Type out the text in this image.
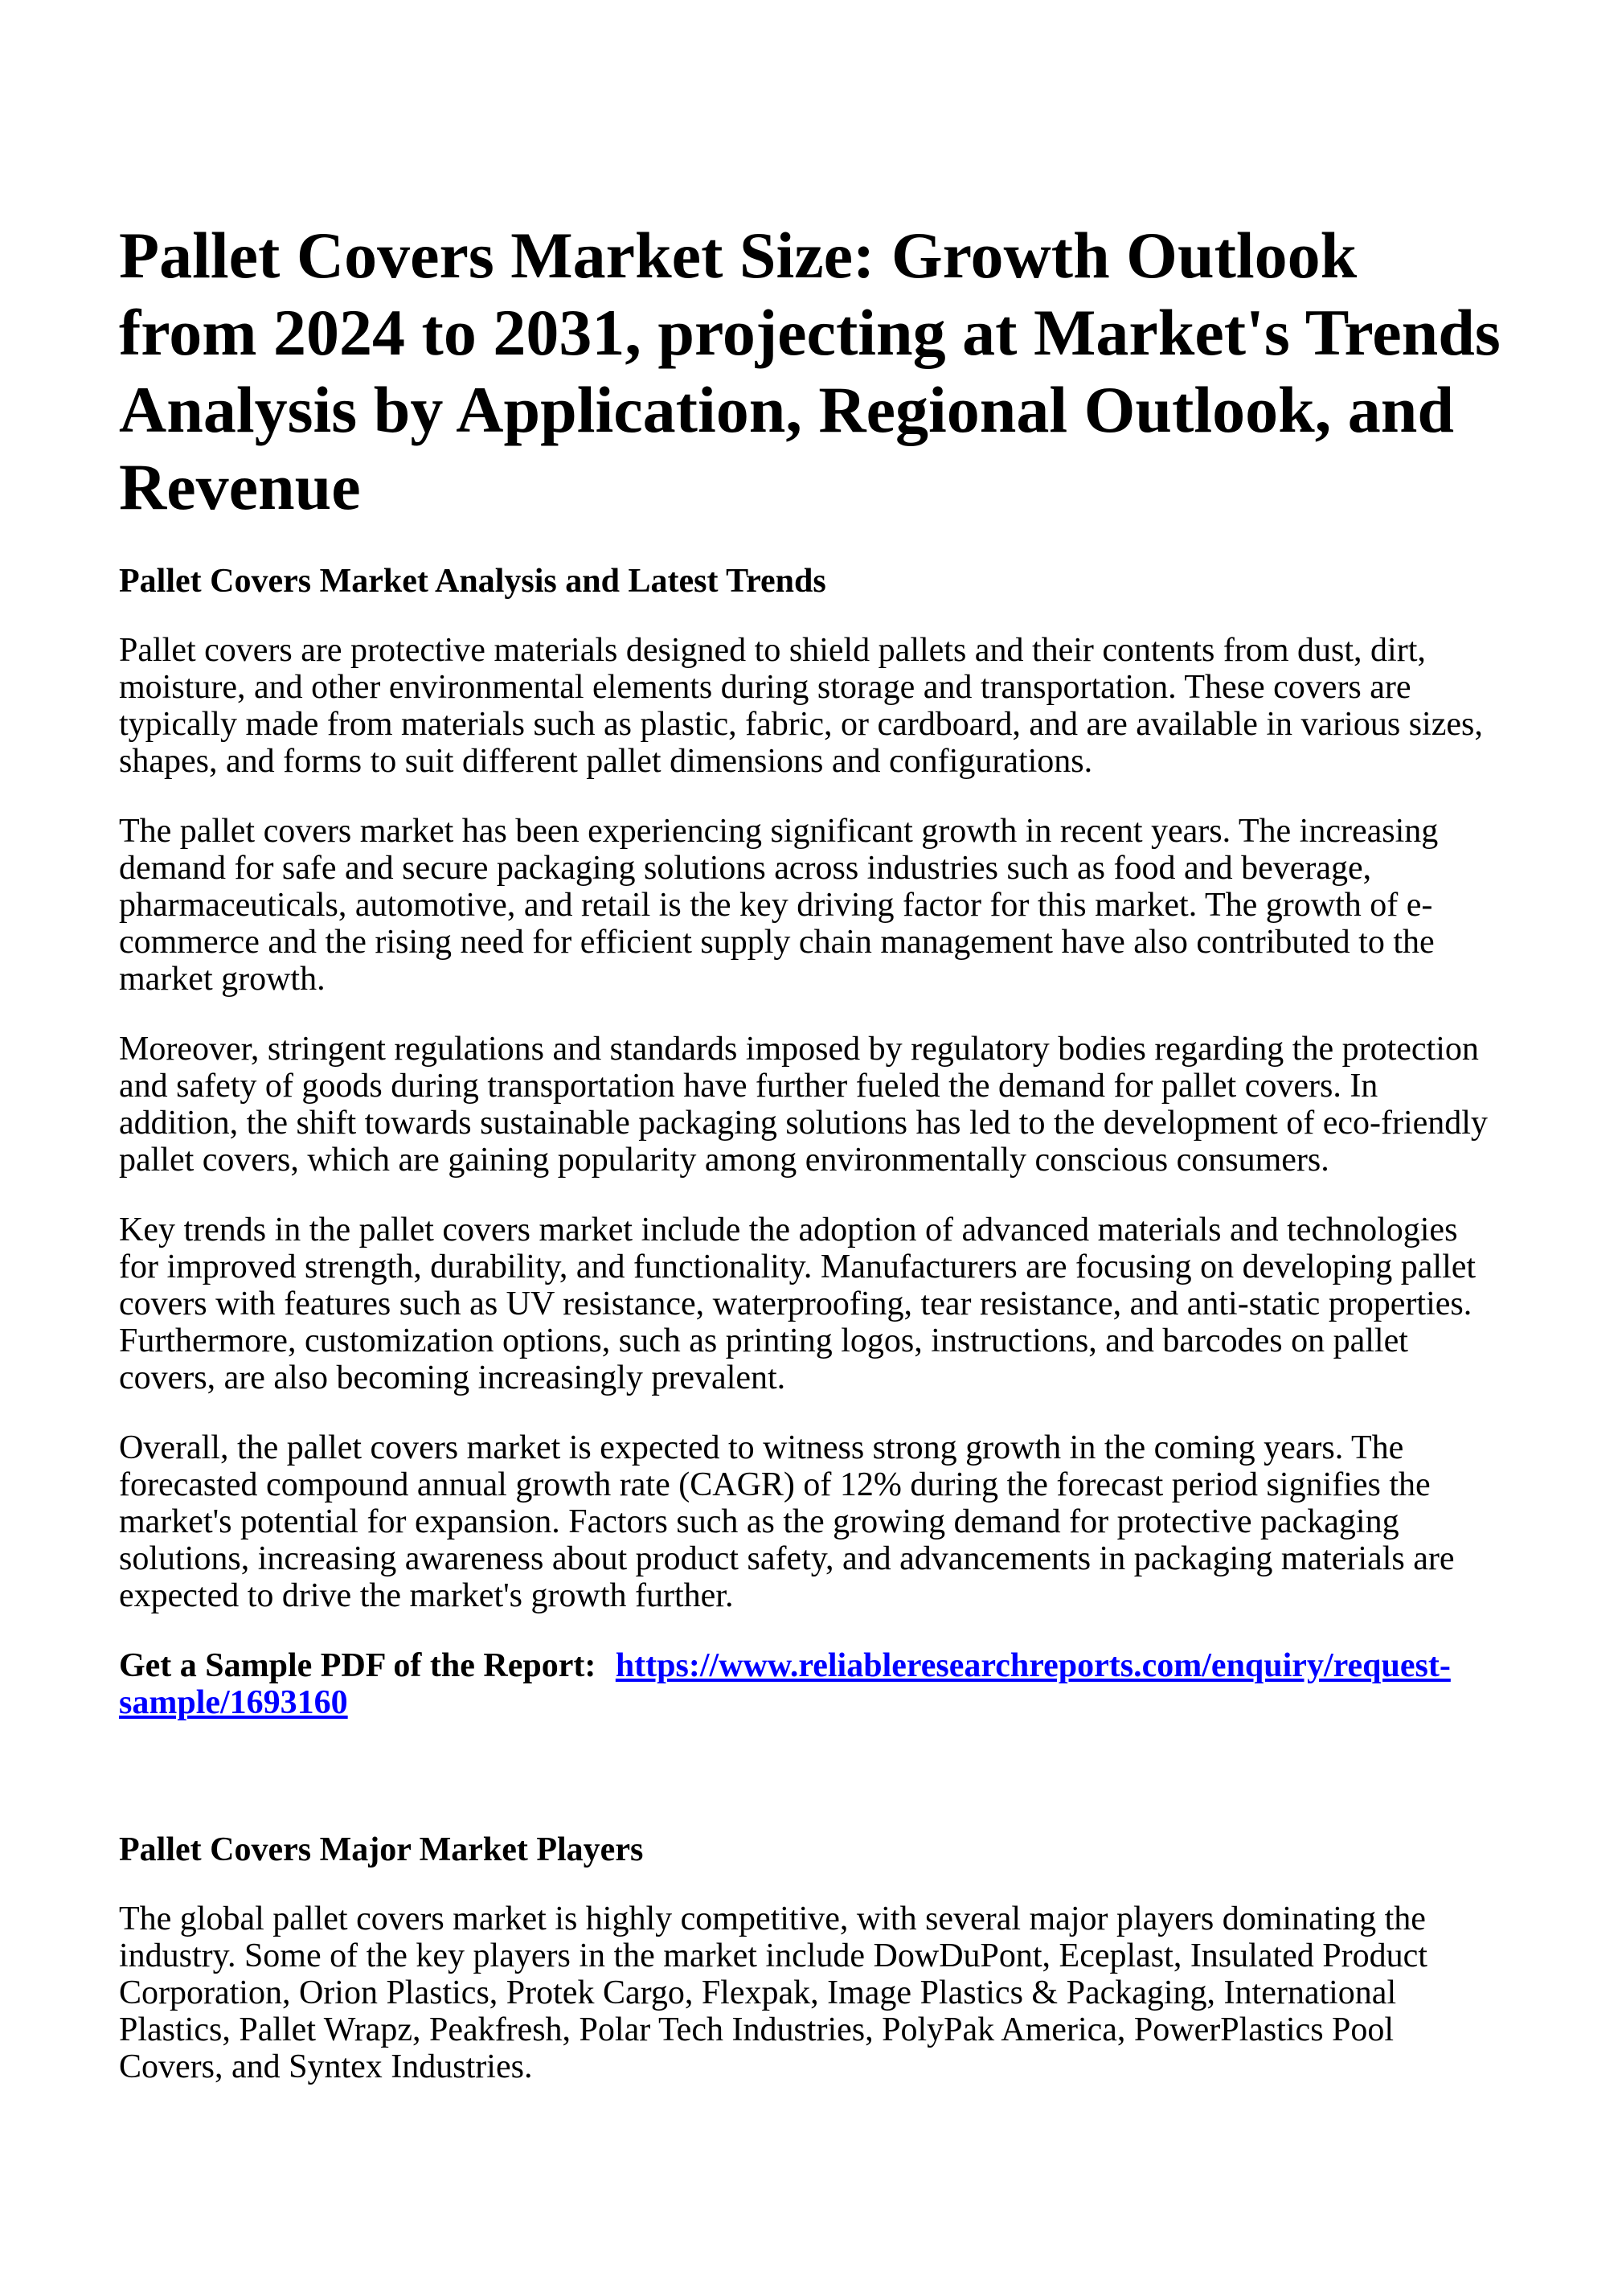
Pallet Covers Market Size: Growth Outlook from 2024 to 2031, projecting at Market's Trends Analysis by Application, Regional Outlook, and Revenue
Pallet Covers Market Analysis and Latest Trends

Pallet covers are protective materials designed to shield pallets and their contents from dust, dirt, moisture, and other environmental elements during storage and transportation. These covers are typically made from materials such as plastic, fabric, or cardboard, and are available in various sizes, shapes, and forms to suit different pallet dimensions and configurations.

The pallet covers market has been experiencing significant growth in recent years. The increasing demand for safe and secure packaging solutions across industries such as food and beverage, pharmaceuticals, automotive, and retail is the key driving factor for this market. The growth of e-commerce and the rising need for efficient supply chain management have also contributed to the market growth.

Moreover, stringent regulations and standards imposed by regulatory bodies regarding the protection and safety of goods during transportation have further fueled the demand for pallet covers. In addition, the shift towards sustainable packaging solutions has led to the development of eco-friendly pallet covers, which are gaining popularity among environmentally conscious consumers.

Key trends in the pallet covers market include the adoption of advanced materials and technologies for improved strength, durability, and functionality. Manufacturers are focusing on developing pallet covers with features such as UV resistance, waterproofing, tear resistance, and anti-static properties. Furthermore, customization options, such as printing logos, instructions, and barcodes on pallet covers, are also becoming increasingly prevalent.

Overall, the pallet covers market is expected to witness strong growth in the coming years. The forecasted compound annual growth rate (CAGR) of 12% during the forecast period signifies the market's potential for expansion. Factors such as the growing demand for protective packaging solutions, increasing awareness about product safety, and advancements in packaging materials are expected to drive the market's growth further.

Get a Sample PDF of the Report: https://www.reliableresearchreports.com/enquiry/request-sample/1693160

Pallet Covers Major Market Players

The global pallet covers market is highly competitive, with several major players dominating the industry. Some of the key players in the market include DowDuPont, Eceplast, Insulated Product Corporation, Orion Plastics, Protek Cargo, Flexpak, Image Plastics & Packaging, International Plastics, Pallet Wrapz, Peakfresh, Polar Tech Industries, PolyPak America, PowerPlastics Pool Covers, and Syntex Industries.
